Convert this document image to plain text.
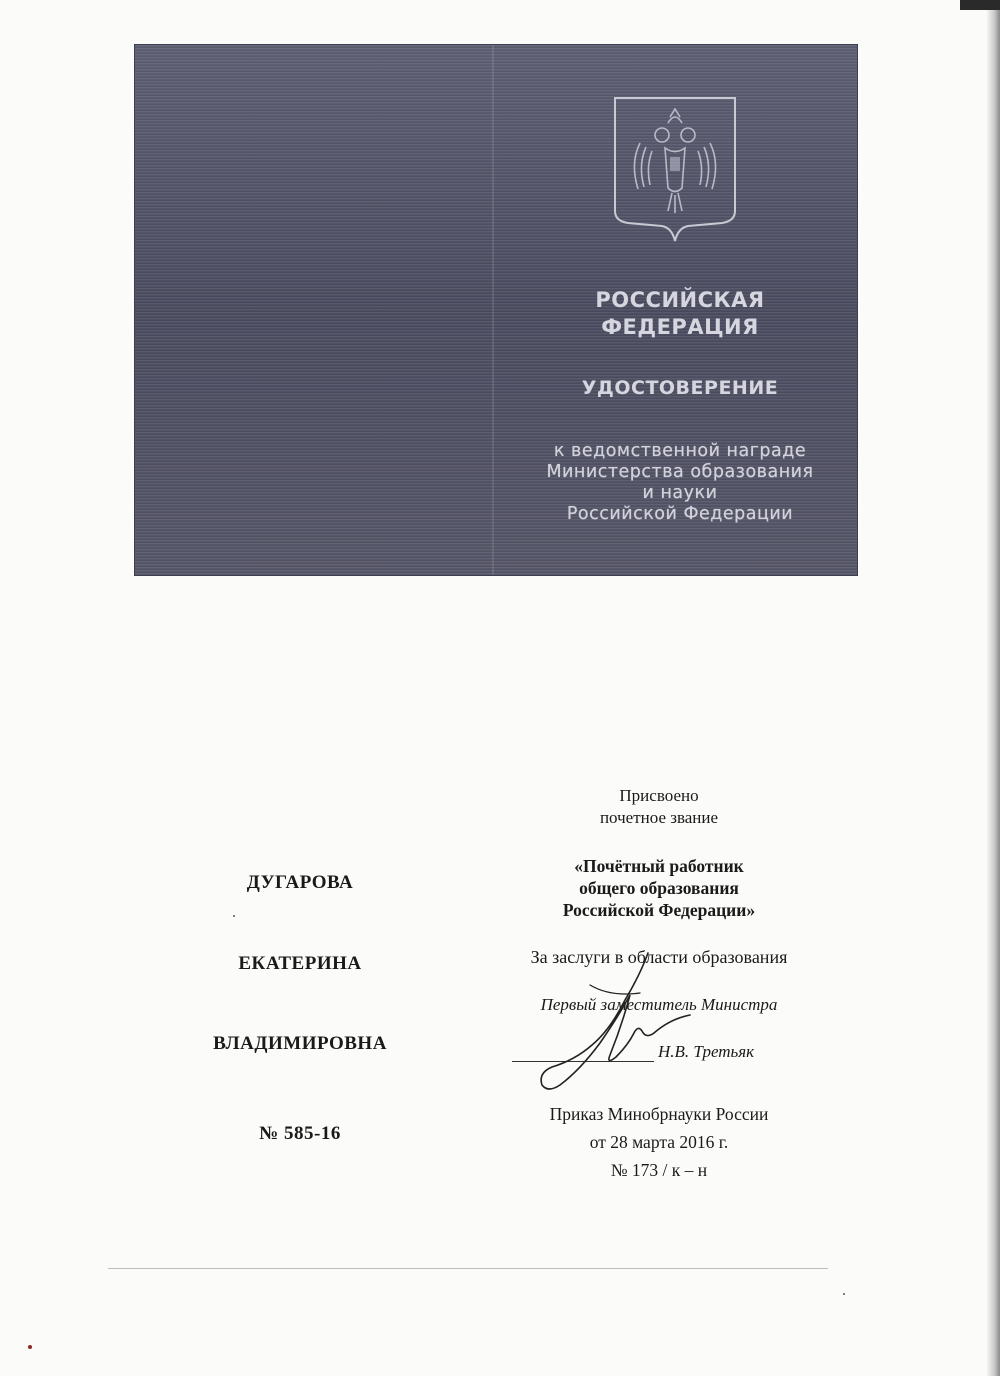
РОССИЙСКАЯ
ФЕДЕРАЦИЯ
УДОСТОВЕРЕНИЕ
к ведомственной награде
Министерства образования
и науки
Российской Федерации
ДУГАРОВА
ЕКАТЕРИНА
ВЛАДИМИРОВНА
№ 585-16
Присвоено
почетное звание
«Почётный работник
общего образования
Российской Федерации»
За заслуги в области образования
Первый заместитель Министра
Н.В. Третьяк
Приказ Минобрнауки России
от 28 марта 2016 г.
№ 173 / к – н
